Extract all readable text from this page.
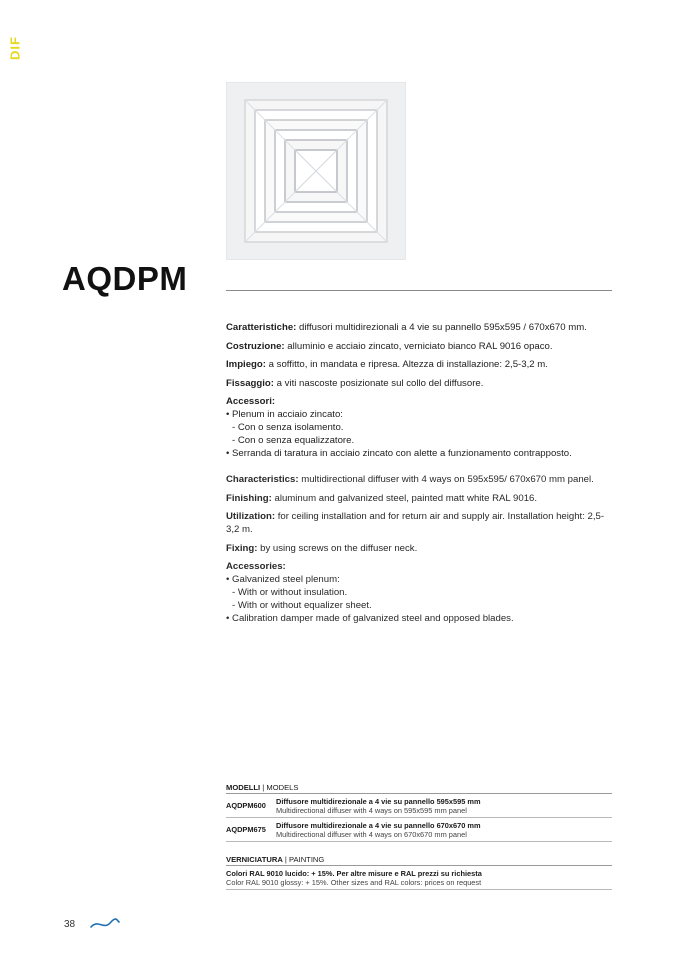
DIF
AQDPM

Caratteristiche: diffusori multidirezionali a 4 vie su pannello 595x595 / 670x670 mm.

Costruzione: alluminio e acciaio zincato, verniciato bianco RAL 9016 opaco.

Impiego: a soffitto, in mandata e ripresa. Altezza di installazione: 2,5-3,2 m.

Fissaggio: a viti nascoste posizionate sul collo del diffusore.

Accessori:

• Plenum in acciaio zincato:

- Con o senza isolamento.

- Con o senza equalizzatore.

• Serranda di taratura in acciaio zincato con alette a funzionamento contrapposto.

Characteristics: multidirectional diffuser with 4 ways on 595x595/ 670x670 mm panel.

Finishing: aluminum and galvanized steel, painted matt white RAL 9016.

Utilization: for ceiling installation and for return air and supply air. Installation height: 2,5-3,2 m.

Fixing: by using screws on the diffuser neck.

Accessories:

• Galvanized steel plenum:

- With or without insulation.

- With or without equalizer sheet.

• Calibration damper made of galvanized steel and opposed blades.

MODELLI | MODELS
AQDPM600	Diffusore multidirezionale a 4 vie su pannello 595x595 mm
Multidirectional diffuser with 4 ways on 595x595 mm panel
AQDPM675	Diffusore multidirezionale a 4 vie su pannello 670x670 mm
Multidirectional diffuser with 4 ways on 670x670 mm panel
VERNICIATURA | PAINTING
Colori RAL 9010 lucido: + 15%. Per altre misure e RAL prezzi su richiesta
Color RAL 9010 glossy: + 15%. Other sizes and RAL colors: prices on request
38
